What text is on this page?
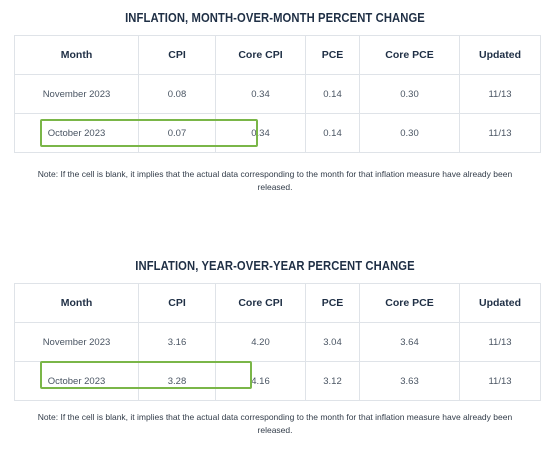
INFLATION, MONTH-OVER-MONTH PERCENT CHANGE
Month	CPI	Core CPI	PCE	Core PCE	Updated
November 2023	0.08	0.34	0.14	0.30	11/13
October 2023	0.07	0.34	0.14	0.30	11/13
Note: If the cell is blank, it implies that the actual data corresponding to the month for that inflation measure have already been released.
INFLATION, YEAR-OVER-YEAR PERCENT CHANGE
Month	CPI	Core CPI	PCE	Core PCE	Updated
November 2023	3.16	4.20	3.04	3.64	11/13
October 2023	3.28	4.16	3.12	3.63	11/13
Note: If the cell is blank, it implies that the actual data corresponding to the month for that inflation measure have already been released.
